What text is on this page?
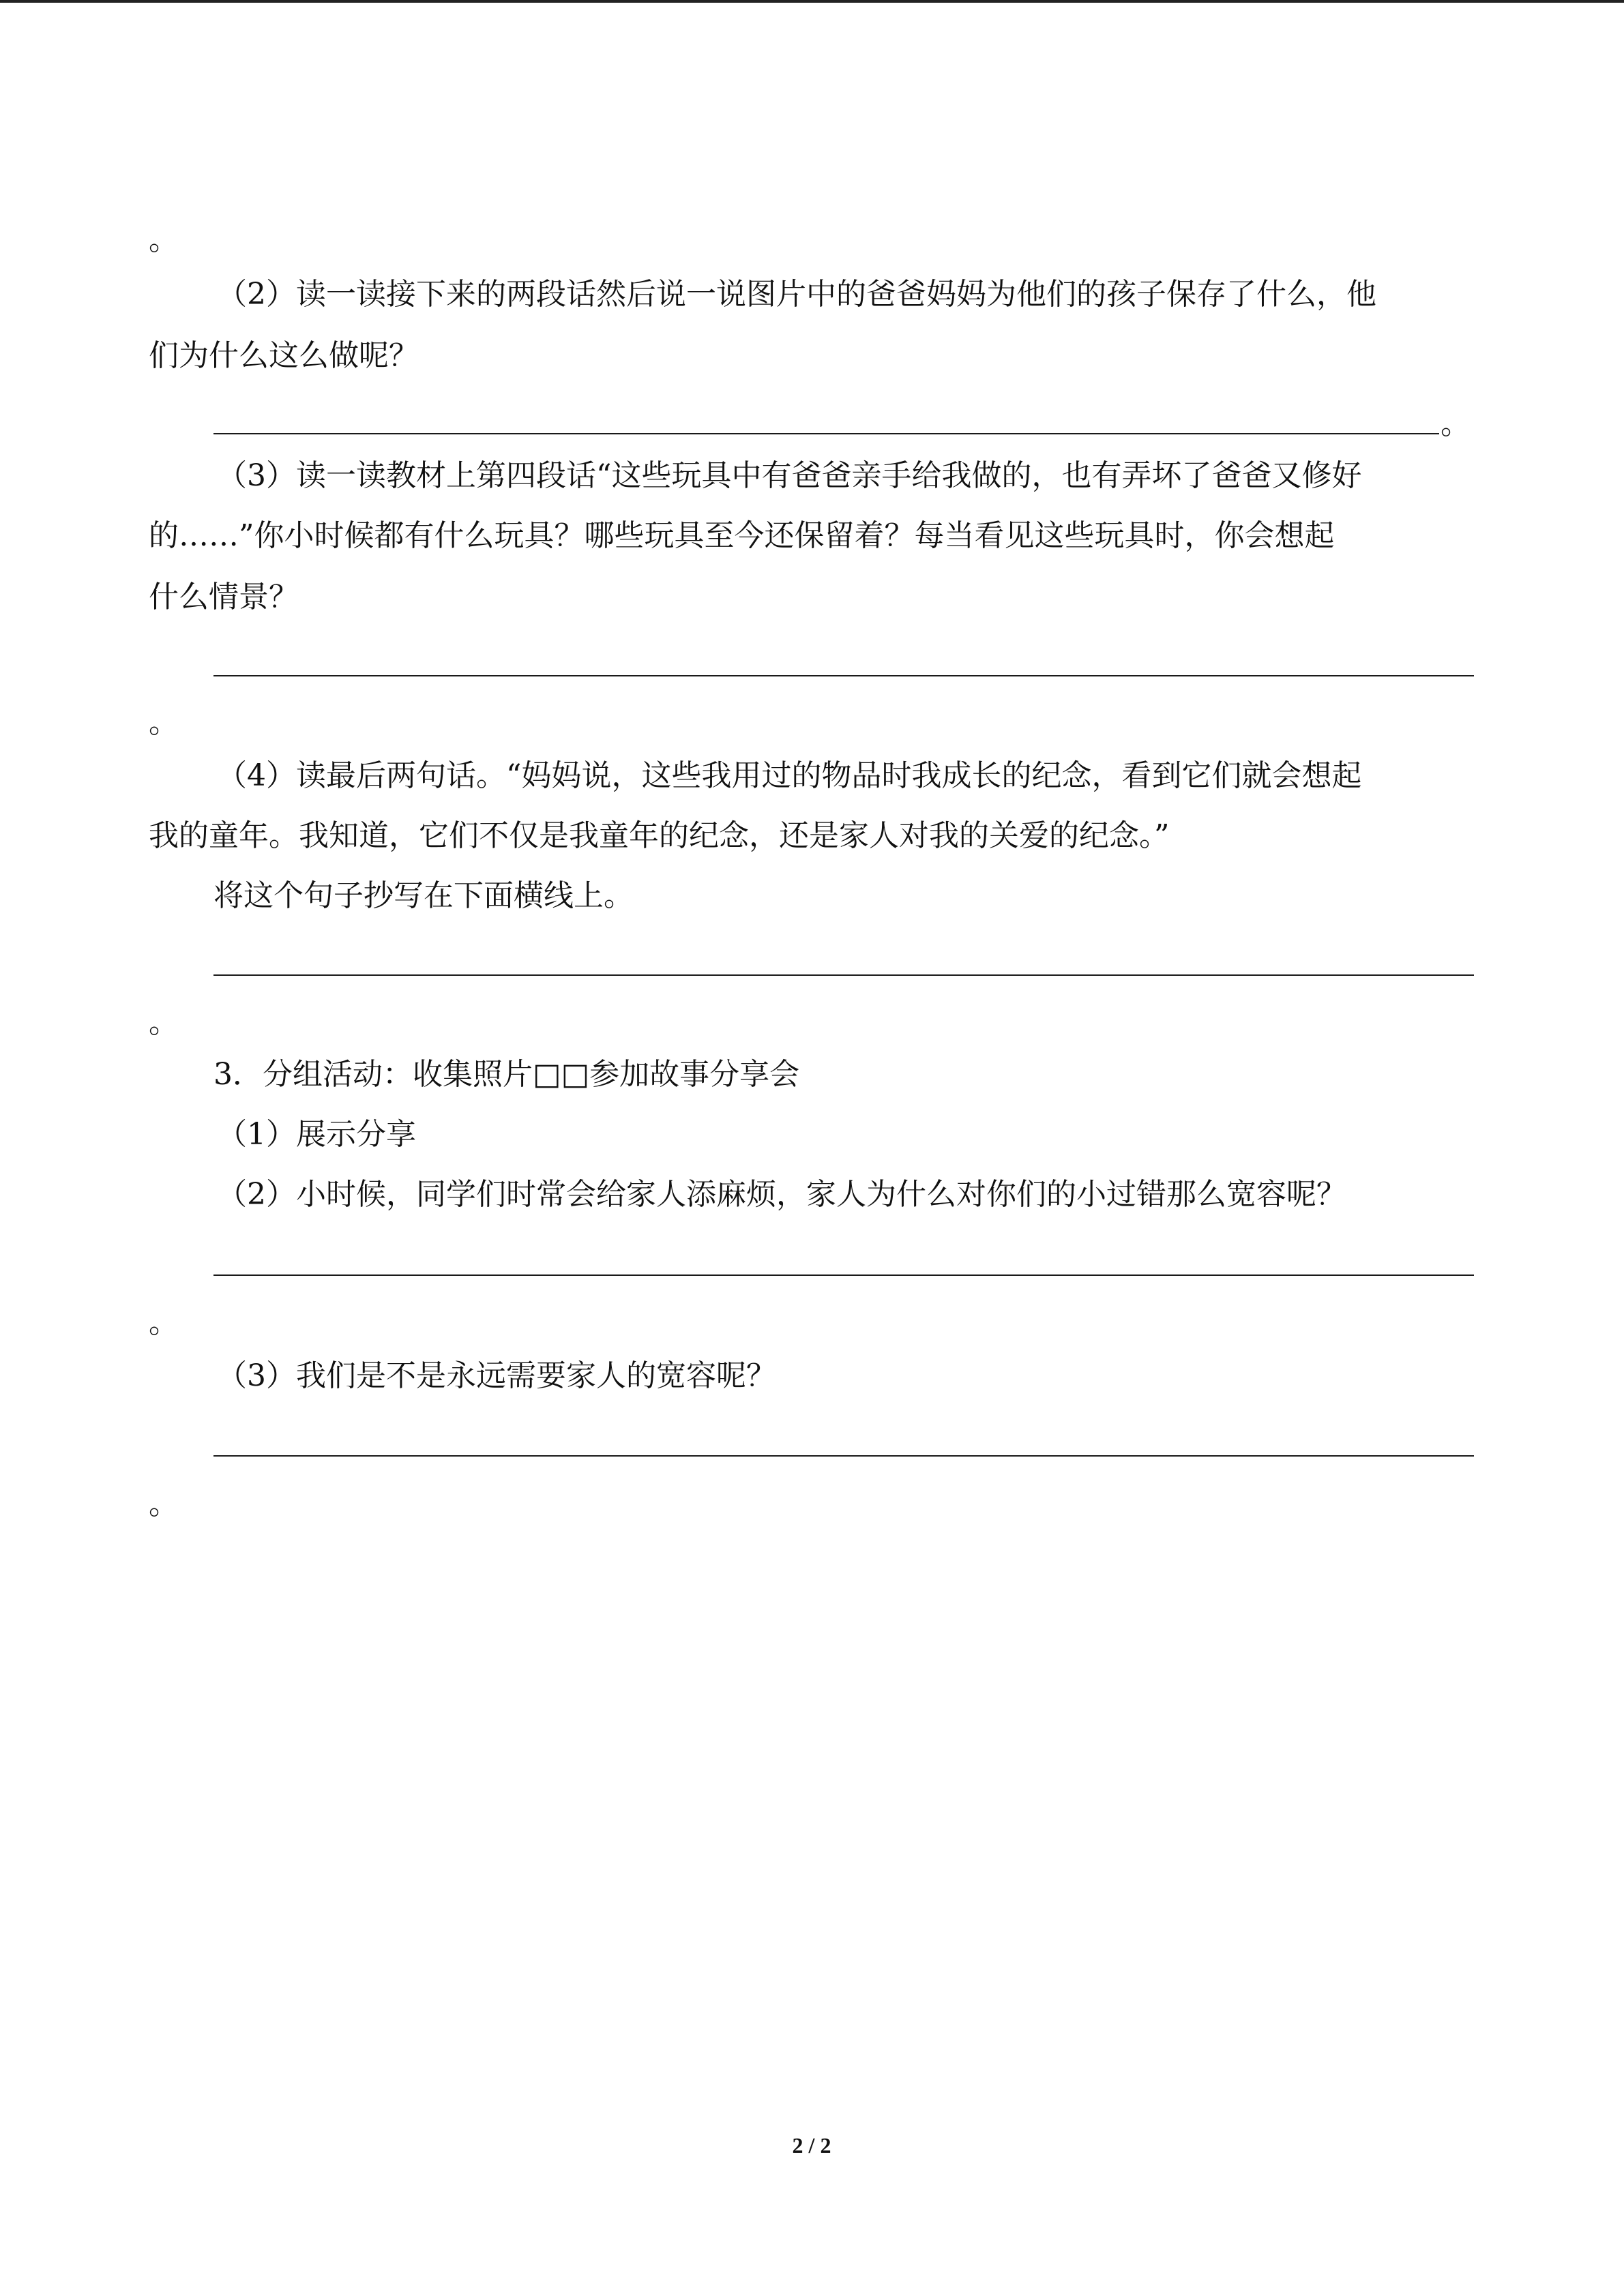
。
（2）读一读接下来的两段话然后说一说图片中的爸爸妈妈为他们的孩子保存了什么，他
们为什么这么做呢？
。
（3）读一读教材上第四段话“这些玩具中有爸爸亲手给我做的，也有弄坏了爸爸又修好
的……”你小时候都有什么玩具？哪些玩具至今还保留着？每当看见这些玩具时，你会想起
什么情景？
。
（4）读最后两句话。“妈妈说，这些我用过的物品时我成长的纪念，看到它们就会想起
我的童年。我知道，它们不仅是我童年的纪念，还是家人对我的关爱的纪念。”
将这个句子抄写在下面横线上。
。
3．分组活动：收集照片□□参加故事分享会
（1）展示分享
（2）小时候，同学们时常会给家人添麻烦，家人为什么对你们的小过错那么宽容呢？
。
（3）我们是不是永远需要家人的宽容呢？
。
2 / 2
